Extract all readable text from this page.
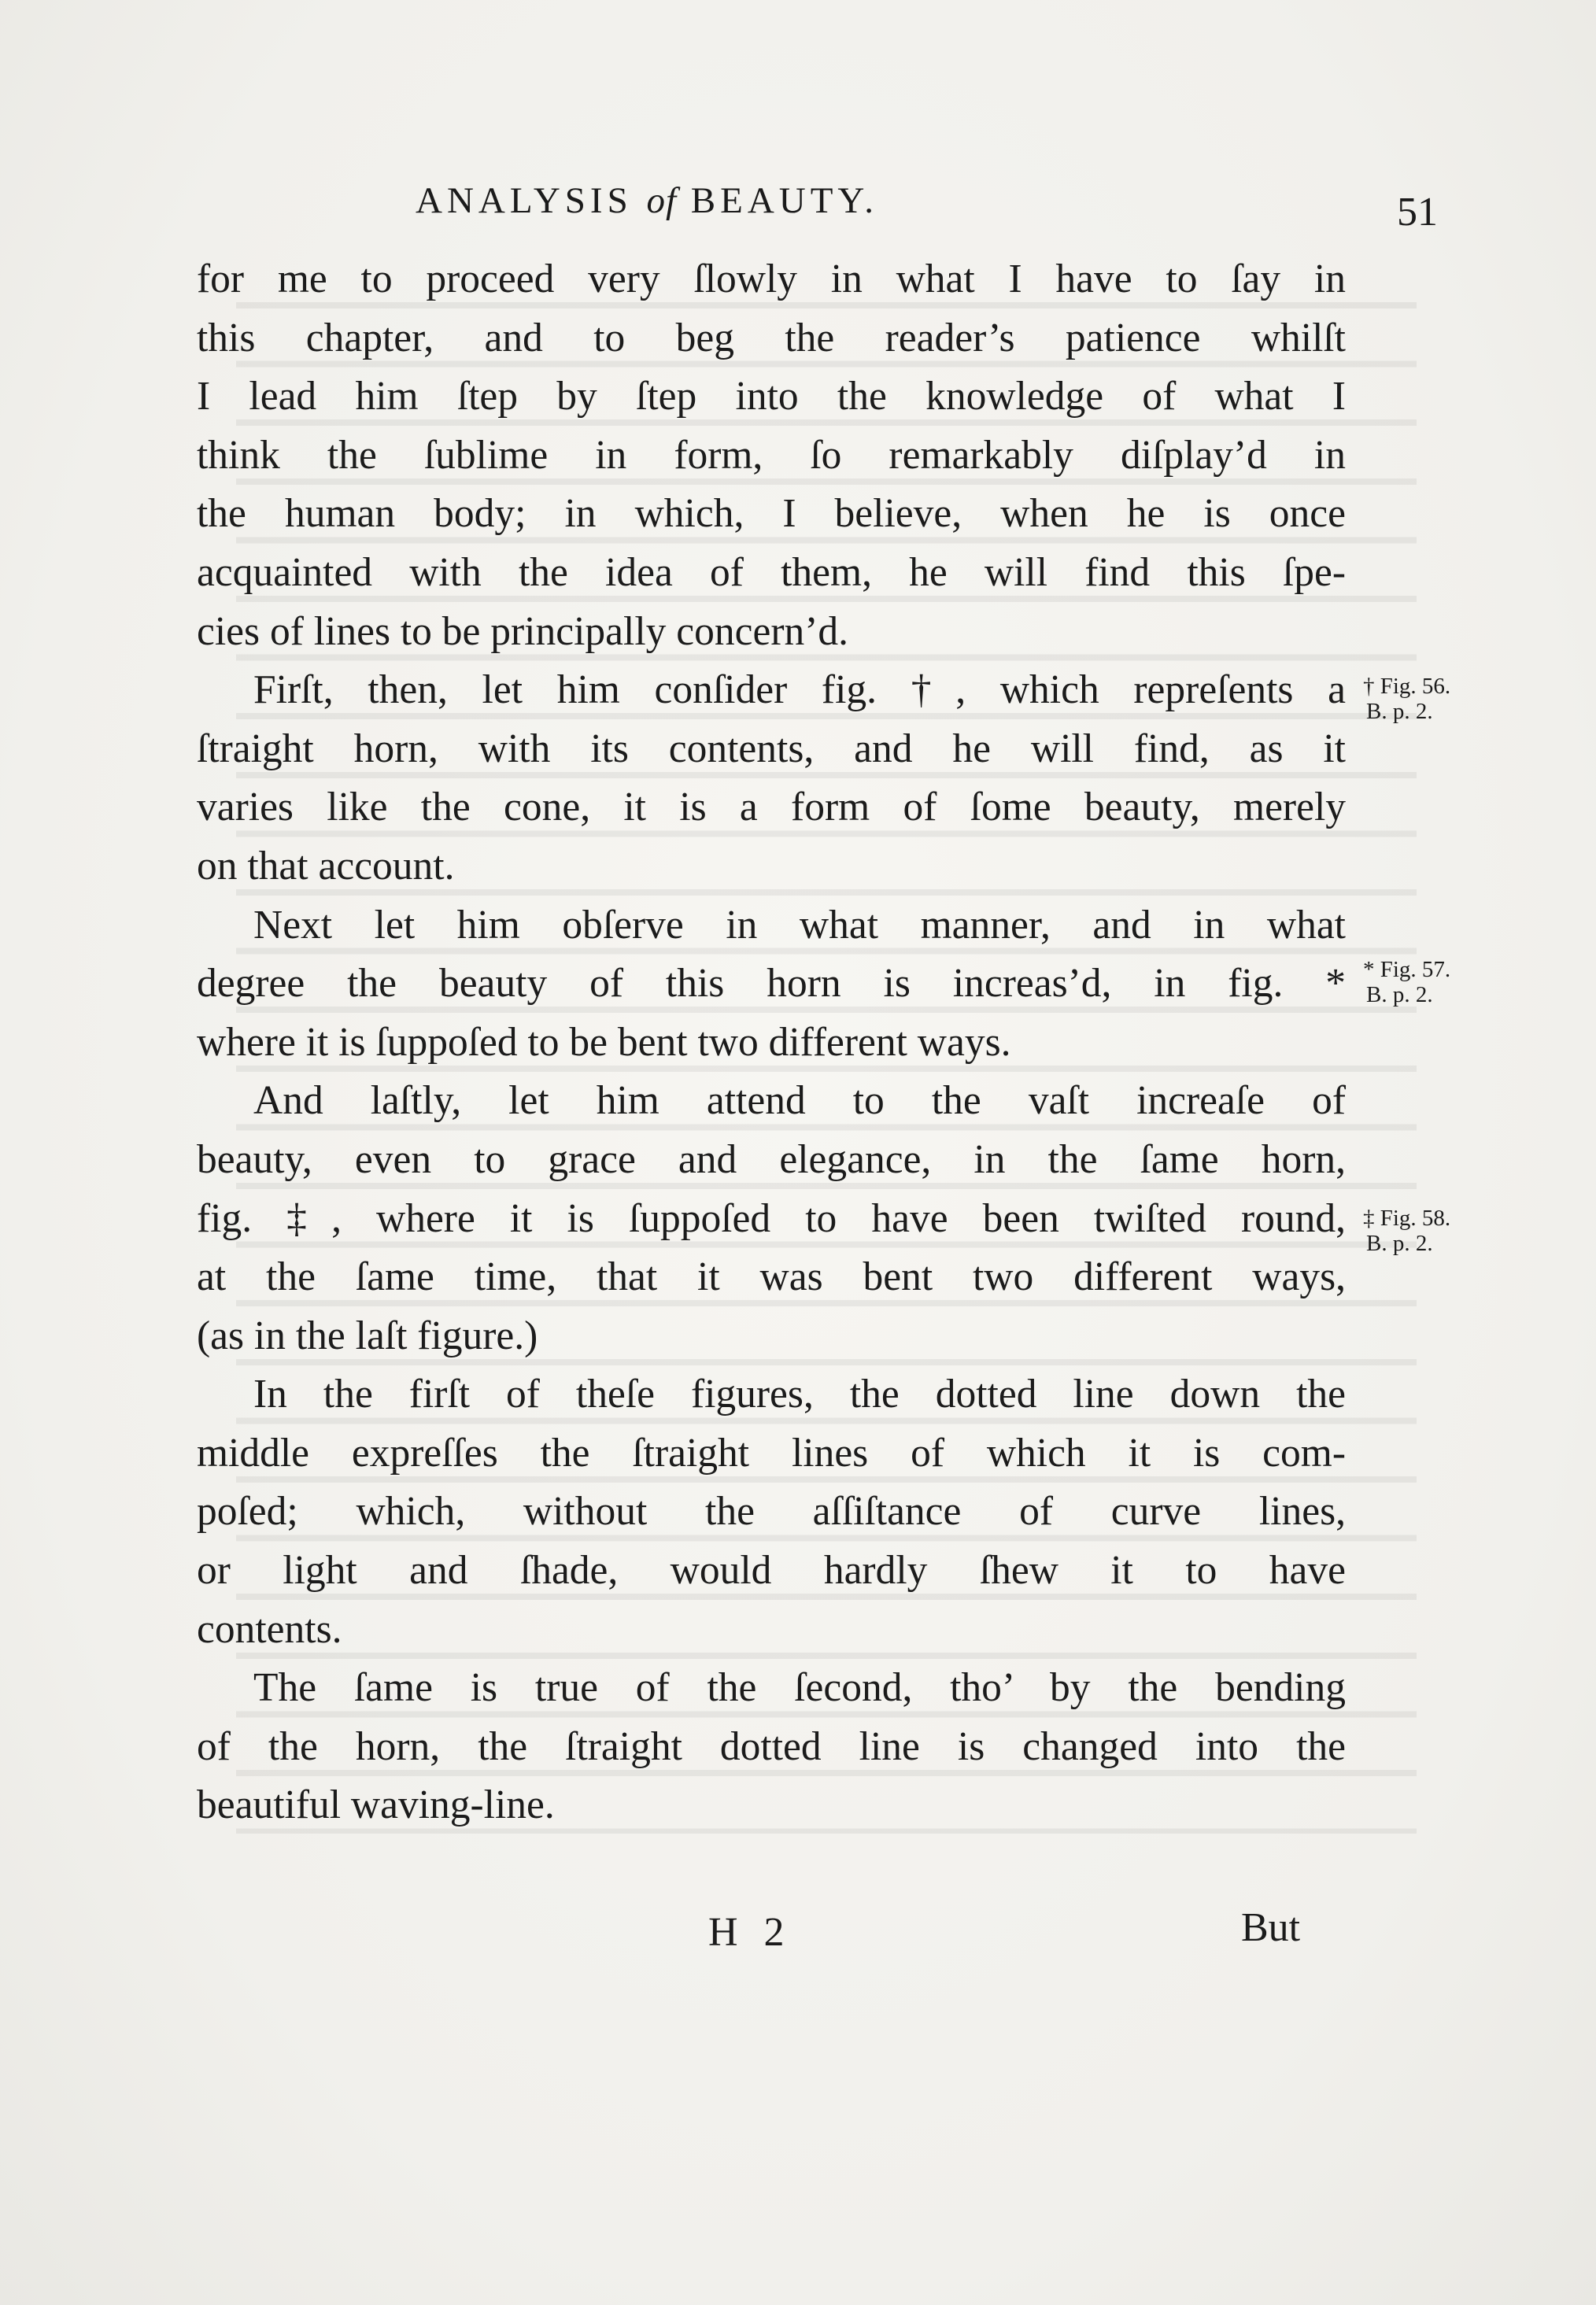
ANALYSIS of BEAUTY.	51
for me to proceed very ſlowly in what I have to ſay in
this chapter, and to beg the reader’s patience whilſt
I lead him ſtep by ſtep into the knowledge of what I
think the ſublime in form, ſo remarkably diſplay’d in
the human body; in which, I believe, when he is once
acquainted with the idea of them, he will find this ſpe-
cies of lines to be principally concern’d.
Firſt, then, let him conſider fig. †, which repreſents a
ſtraight horn, with its contents, and he will find, as it
varies like the cone, it is a form of ſome beauty, merely
on that account.
Next let him obſerve in what manner, and in what
degree the beauty of this horn is increas’d, in fig. *
where it is ſuppoſed to be bent two different ways.
And laſtly, let him attend to the vaſt increaſe of
beauty, even to grace and elegance, in the ſame horn,
fig. ‡, where it is ſuppoſed to have been twiſted round,
at the ſame time, that it was bent two different ways,
(as in the laſt figure.)
In the firſt of theſe figures, the dotted line down the
middle expreſſes the ſtraight lines of which it is com-
poſed; which, without the aſſiſtance of curve lines,
or light and ſhade, would hardly ſhew it to have
contents.
The ſame is true of the ſecond, tho’ by the bending
of the horn, the ſtraight dotted line is changed into the
beautiful waving-line.
† Fig. 56.
B. p. 2.
* Fig. 57.
B. p. 2.
‡ Fig. 58.
B. p. 2.
H 2	But
